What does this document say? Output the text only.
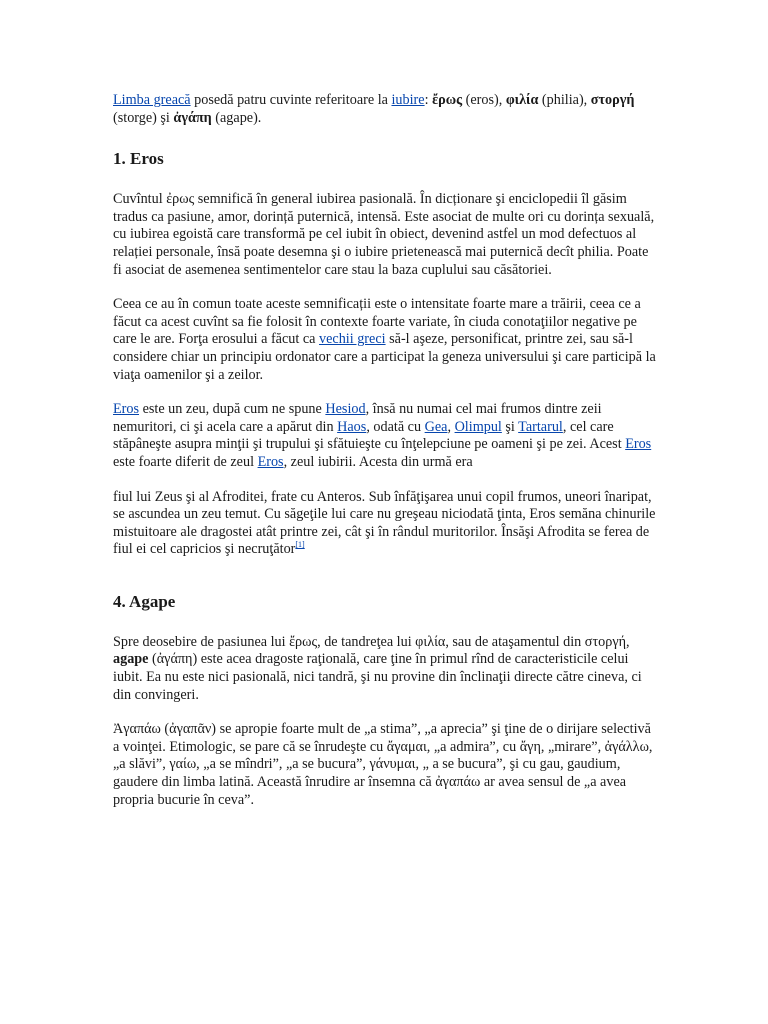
Limba greacă posedă patru cuvinte referitoare la iubire: ἔρως (eros), φιλία (philia), στοργή (storge) şi ἀγάπη (agape).

1. Eros

Cuvîntul ἐρως semnifică în general iubirea pasională. În dicționare şi enciclopedii îl găsim tradus ca pasiune, amor, dorință puternică, intensă. Este asociat de multe ori cu dorința sexuală, cu iubirea egoistă care transformă pe cel iubit în obiect, devenind astfel un mod defectuos al relației personale, însă poate desemna şi o iubire prietenească mai puternică decît philia. Poate fi asociat de asemenea sentimentelor care stau la baza cuplului sau căsătoriei.

Ceea ce au în comun toate aceste semnificații este o intensitate foarte mare a trăirii, ceea ce a făcut ca acest cuvînt sa fie folosit în contexte foarte variate, în ciuda conotaţiilor negative pe care le are. Forţa erosului a făcut ca vechii greci să-l aşeze, personificat, printre zei, sau să-l considere chiar un principiu ordonator care a participat la geneza universului şi care participă la viaţa oamenilor şi a zeilor.

Eros este un zeu, după cum ne spune Hesiod, însă nu numai cel mai frumos dintre zeii nemuritori, ci şi acela care a apărut din Haos, odată cu Gea, Olimpul şi Tartarul, cel care stăpâneşte asupra minţii şi trupului şi sfătuieşte cu înţelepciune pe oameni şi pe zei. Acest Eros este foarte diferit de zeul Eros, zeul iubirii. Acesta din urmă era

fiul lui Zeus şi al Afroditei, frate cu Anteros. Sub înfăţişarea unui copil frumos, uneori înaripat, se ascundea un zeu temut. Cu săgeţile lui care nu greşeau niciodată ţinta, Eros semăna chinurile mistuitoare ale dragostei atât printre zei, cât şi în rândul muritorilor. Însăşi Afrodita se ferea de fiul ei cel capricios şi necruţător[1]

4. Agape

Spre deosebire de pasiunea lui ἔρως, de tandreţea lui φιλία, sau de ataşamentul din στοργή, agape (ἀγάπη) este acea dragoste raţională, care ţine în primul rînd de caracteristicile celui iubit. Ea nu este nici pasională, nici tandră, şi nu provine din înclinaţii directe către cineva, ci din convingeri.

Ἀγαπάω (ἀγαπᾶν) se apropie foarte mult de „a stima”, „a aprecia” şi ţine de o dirijare selectivă a voinţei. Etimologic, se pare că se înrudeşte cu ἄγαμαι, „a admira”, cu ἄγη, „mirare”, ἀγάλλω, „a slăvi”, γαίω, „a se mîndri”, „a se bucura”, γάνυμαι, „ a se bucura”, şi cu gau, gaudium, gaudere din limba latină. Această înrudire ar însemna că ἀγαπάω ar avea sensul de „a avea propria bucurie în ceva”.
